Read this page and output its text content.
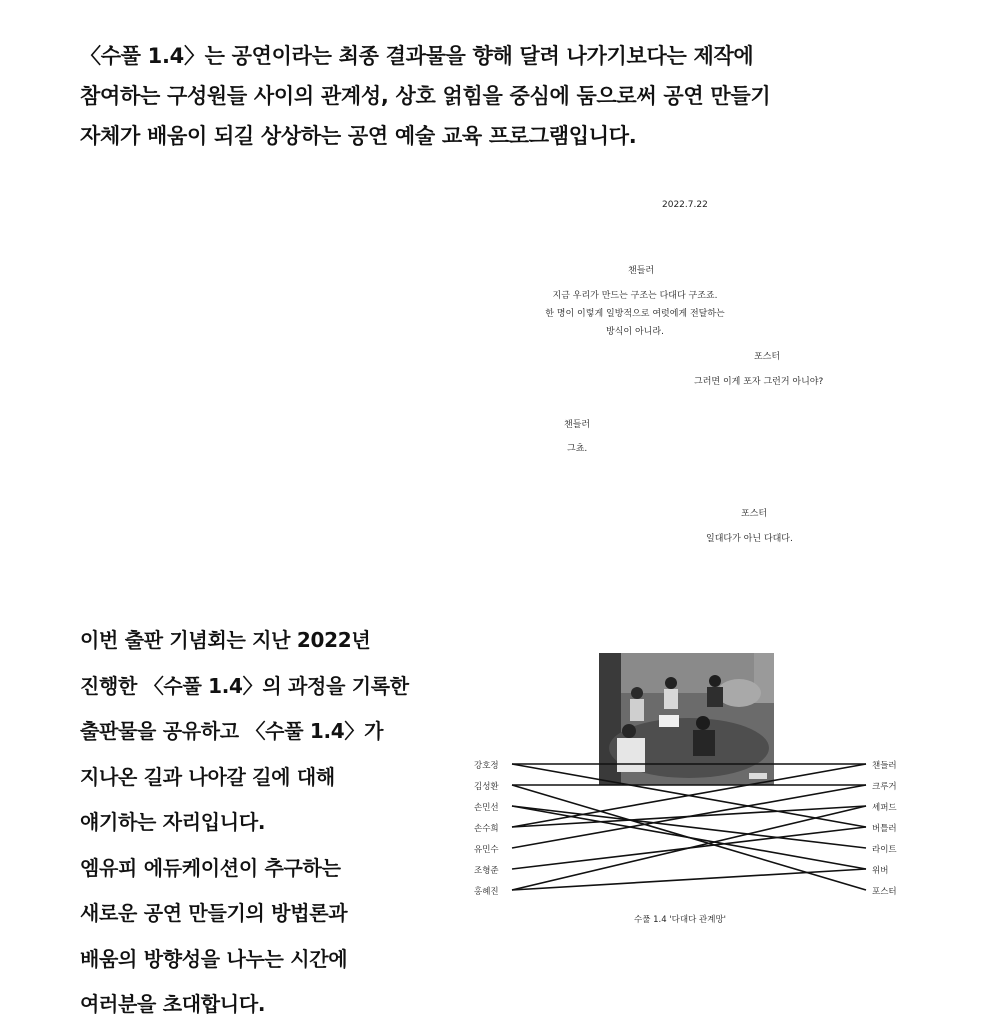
〈수풀 1.4〉는 공연이라는 최종 결과물을 향해 달려 나가기보다는 제작에
참여하는 구성원들 사이의 관계성, 상호 얽힘을 중심에 둠으로써 공연 만들기
자체가 배움이 되길 상상하는 공연 예술 교육 프로그램입니다.
2022.7.22
챈들러
지금 우리가 만드는 구조는 다대다 구조죠.
한 명이 이렇게 일방적으로 여럿에게 전달하는
방식이 아니라.
포스터
그러면 이게 포자 그런거 아니야?
챈들러
그쵸.
포스터
일대다가 아닌 다대다.
이번 출판 기념회는 지난 2022년
진행한 〈수풀 1.4〉의 과정을 기록한
출판물을 공유하고 〈수풀 1.4〉가
지나온 길과 나아갈 길에 대해
얘기하는 자리입니다.
엠유피 에듀케이션이 추구하는
새로운 공연 만들기의 방법론과
배움의 방향성을 나누는 시간에
여러분을 초대합니다.
강호정
김성환
손민선
손수희
유민수
조형준
홍혜진
챈들러
크루거
셰퍼드
버틀러
라이트
위버
포스터
수풀 1.4 '다대다 관계망'
